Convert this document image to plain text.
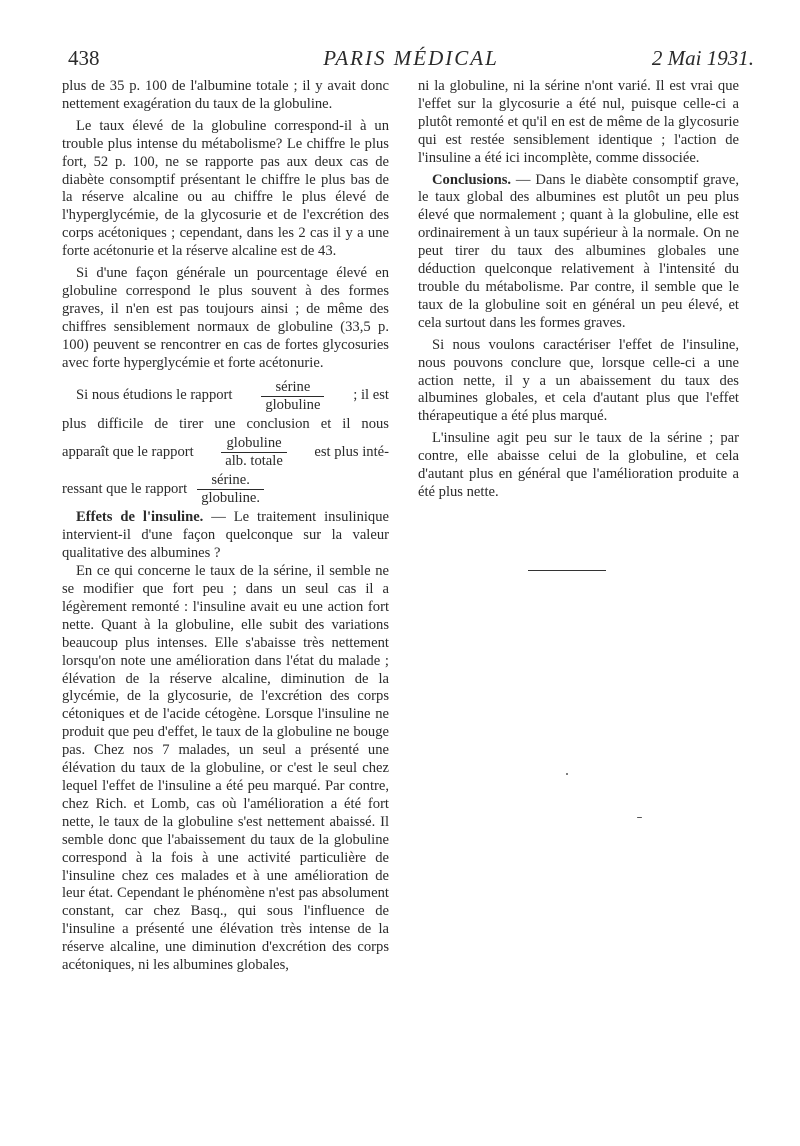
438	PARIS MÉDICAL	2 Mai 1931.

plus de 35 p. 100 de l'albumine totale ; il y avait donc nettement exagération du taux de la globuline.

Le taux élevé de la globuline correspond-il à un trouble plus intense du métabolisme? Le chiffre le plus fort, 52 p. 100, ne se rapporte pas aux deux cas de diabète consomptif présentant le chiffre le plus bas de la réserve alcaline ou au chiffre le plus élevé de l'hyperglycémie, de la glycosurie et de l'excrétion des corps acétoniques ; cependant, dans les 2 cas il y a une forte acétonurie et la réserve alcaline est de 43.

Si d'une façon générale un pourcentage élevé en globuline correspond le plus souvent à des formes graves, il n'en est pas toujours ainsi ; de même des chiffres sensiblement normaux de globuline (33,5 p. 100) peuvent se rencontrer en cas de fortes glycosuries avec forte hyperglycémie et forte acétonurie.

Si nous étudions le rapport $\frac{\text{sérine}}{\text{globuline}}$ ; il est
plus difficile de tirer une conclusion et il nous
apparaît que le rapport $\frac{\text{globuline}}{\text{alb. totale}}$ est plus inté-
ressant que le rapport $\frac{\text{sérine.}}{\text{globuline.}}$

Effets de l'insuline. — Le traitement insulinique intervient-il d'une façon quelconque sur la valeur qualitative des albumines ?

En ce qui concerne le taux de la sérine, il semble ne se modifier que fort peu ; dans un seul cas il a légèrement remonté : l'insuline avait eu une action fort nette. Quant à la globuline, elle subit des variations beaucoup plus intenses. Elle s'abaisse très nettement lorsqu'on note une amélioration dans l'état du malade ; élévation de la réserve alcaline, diminution de la glycémie, de la glycosurie, de l'excrétion des corps cétoniques et de l'acide cétogène. Lorsque l'insuline ne produit que peu d'effet, le taux de la globuline ne bouge pas. Chez nos 7 malades, un seul a présenté une élévation du taux de la globuline, or c'est le seul chez lequel l'effet de l'insuline a été peu marqué. Par contre, chez Rich. et Lomb, cas où l'amélioration a été fort nette, le taux de la globuline s'est nettement abaissé. Il semble donc que l'abaissement du taux de la globuline correspond à la fois à une activité particulière de l'insuline chez ces malades et à une amélioration de leur état. Cependant le phénomène n'est pas absolument constant, car chez Basq., qui sous l'influence de l'insuline a présenté une élévation très intense de la réserve alcaline, une diminution d'excrétion des corps acétoniques, ni les albumines globales,

ni la globuline, ni la sérine n'ont varié. Il est vrai que l'effet sur la glycosurie a été nul, puisque celle-ci a plutôt remonté et qu'il en est de même de la glycosurie qui est restée sensiblement identique ; l'action de l'insuline a été ici incomplète, comme dissociée.

Conclusions. — Dans le diabète consomptif grave, le taux global des albumines est plutôt un peu plus élevé que normalement ; quant à la globuline, elle est ordinairement à un taux supérieur à la normale. On ne peut tirer du taux des albumines globales une déduction quelconque relativement à l'intensité du trouble du métabolisme. Par contre, il semble que le taux de la globuline soit en général un peu élevé, et cela surtout dans les formes graves.

Si nous voulons caractériser l'effet de l'insuline, nous pouvons conclure que, lorsque celle-ci a une action nette, il y a un abaissement du taux des albumines globales, et cela d'autant plus que l'effet thérapeutique a été plus marqué.

L'insuline agit peu sur le taux de la sérine ; par contre, elle abaisse celui de la globuline, et cela d'autant plus en général que l'amélioration produite a été plus nette.
